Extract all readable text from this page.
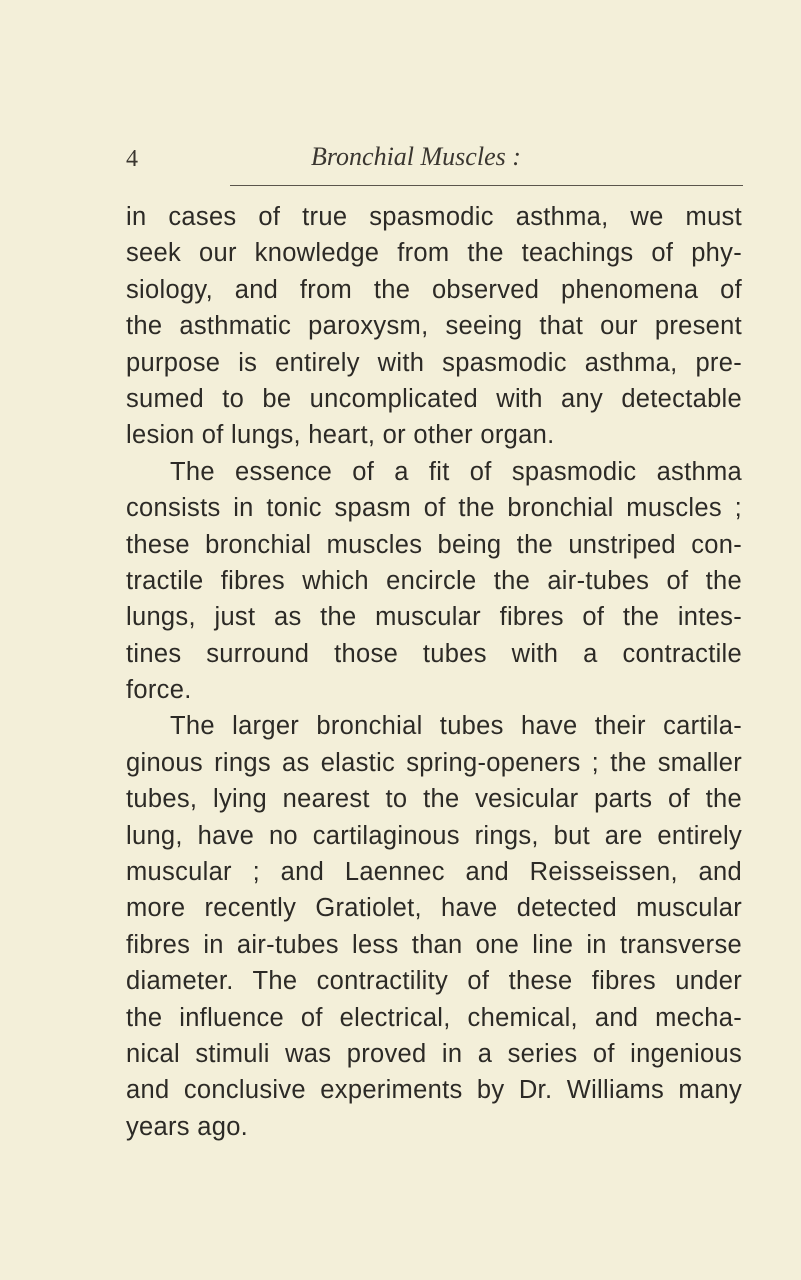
4	Bronchial Muscles :
in cases of true spasmodic asthma, we must
seek our knowledge from the teachings of phy-
siology, and from the observed phenomena of
the asthmatic paroxysm, seeing that our present
purpose is entirely with spasmodic asthma, pre-
sumed to be uncomplicated with any detectable
lesion of lungs, heart, or other organ.
The essence of a fit of spasmodic asthma
consists in tonic spasm of the bronchial muscles ;
these bronchial muscles being the unstriped con-
tractile fibres which encircle the air-tubes of the
lungs, just as the muscular fibres of the intes-
tines surround those tubes with a contractile
force.
The larger bronchial tubes have their cartila-
ginous rings as elastic spring-openers ; the smaller
tubes, lying nearest to the vesicular parts of the
lung, have no cartilaginous rings, but are entirely
muscular ; and Laennec and Reisseissen, and
more recently Gratiolet, have detected muscular
fibres in air-tubes less than one line in transverse
diameter. The contractility of these fibres under
the influence of electrical, chemical, and mecha-
nical stimuli was proved in a series of ingenious
and conclusive experiments by Dr. Williams many
years ago.
